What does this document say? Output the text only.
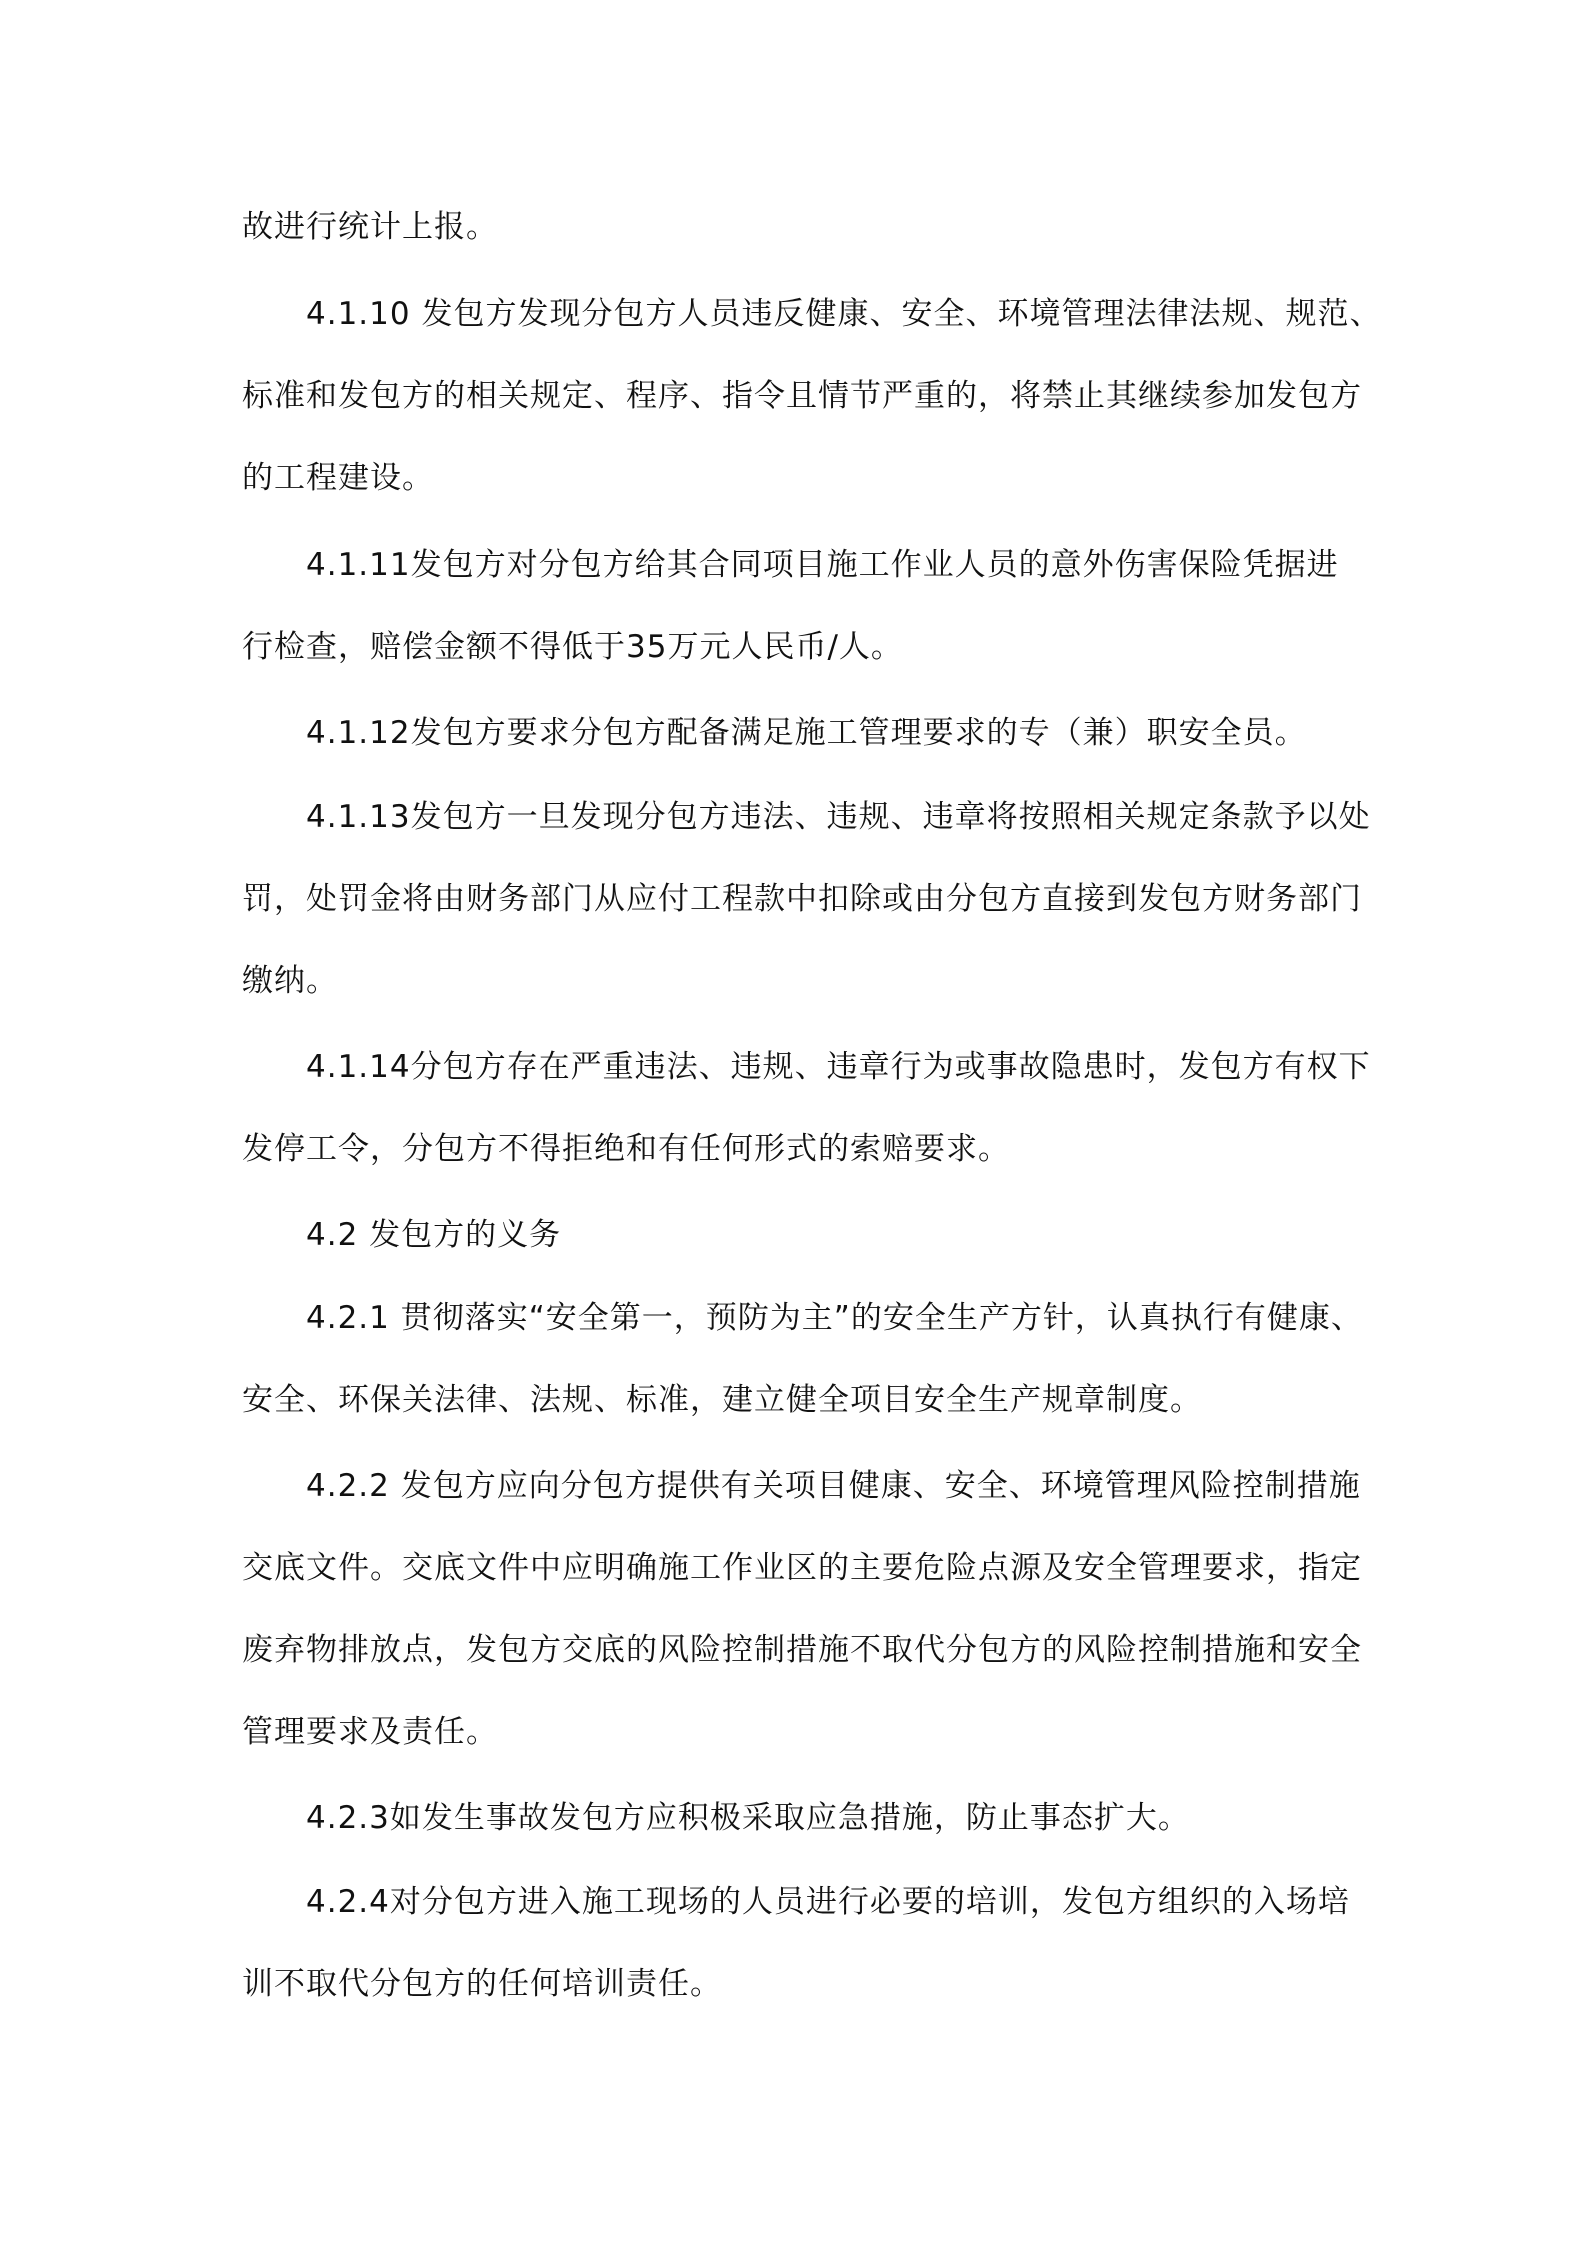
故进行统计上报。
4.1.10 发包方发现分包方人员违反健康、安全、环境管理法律法规、规范、
标准和发包方的相关规定、程序、指令且情节严重的，将禁止其继续参加发包方
的工程建设。
4.1.11发包方对分包方给其合同项目施工作业人员的意外伤害保险凭据进
行检查，赔偿金额不得低于35万元人民币/人。
4.1.12发包方要求分包方配备满足施工管理要求的专（兼）职安全员。
4.1.13发包方一旦发现分包方违法、违规、违章将按照相关规定条款予以处
罚，处罚金将由财务部门从应付工程款中扣除或由分包方直接到发包方财务部门
缴纳。
4.1.14分包方存在严重违法、违规、违章行为或事故隐患时，发包方有权下
发停工令，分包方不得拒绝和有任何形式的索赔要求。
4.2 发包方的义务
4.2.1 贯彻落实“安全第一，预防为主”的安全生产方针，认真执行有健康、
安全、环保关法律、法规、标准，建立健全项目安全生产规章制度。
4.2.2 发包方应向分包方提供有关项目健康、安全、环境管理风险控制措施
交底文件。交底文件中应明确施工作业区的主要危险点源及安全管理要求，指定
废弃物排放点，发包方交底的风险控制措施不取代分包方的风险控制措施和安全
管理要求及责任。
4.2.3如发生事故发包方应积极采取应急措施，防止事态扩大。
4.2.4对分包方进入施工现场的人员进行必要的培训，发包方组织的入场培
训不取代分包方的任何培训责任。
